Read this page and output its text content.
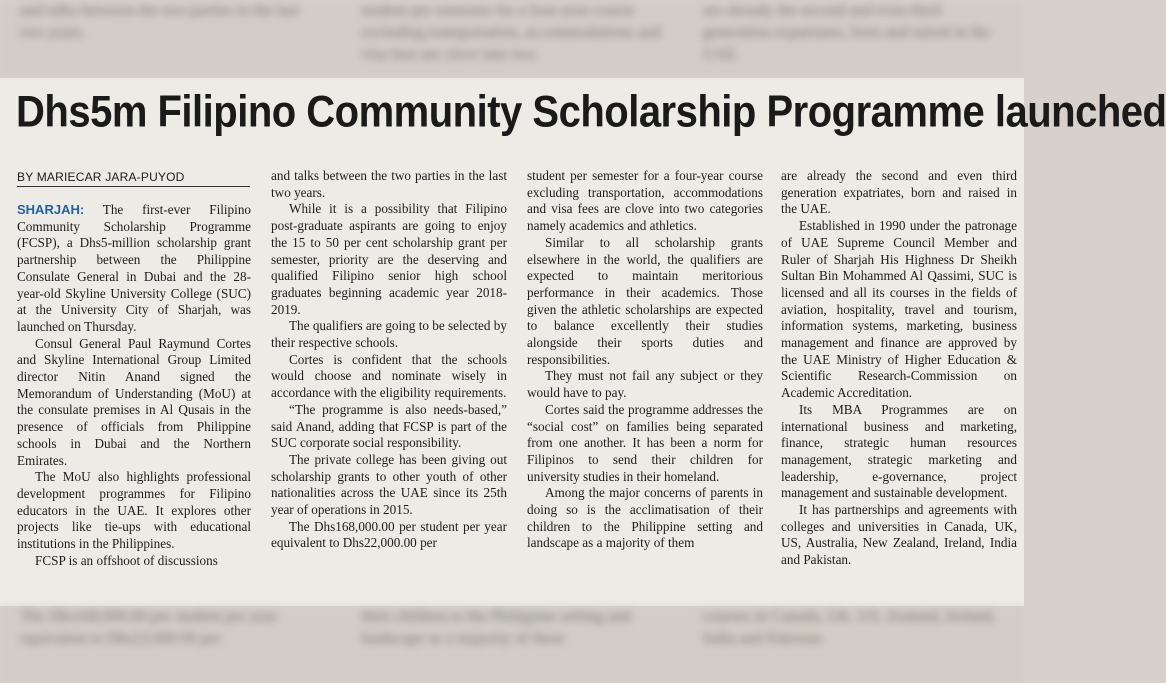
and talks between the two parties in the last two years.
student per semester for a four-year course excluding transportation, accommodations and visa fees are clove into two
are already the second and even third generation expatriates, born and raised in the UAE.
Dhs5m Filipino Community Scholarship Programme launched
BY MARIECAR JARA-PUYOD

SHARJAH: The first-ever Filipino Community Scholarship Programme (FCSP), a Dhs5-million scholarship grant partnership between the Philippine Consulate General in Dubai and the 28-year-old Skyline University College (SUC) at the University City of Sharjah, was launched on Thursday.

Consul General Paul Raymund Cortes and Skyline International Group Limited director Nitin Anand signed the Memorandum of Understanding (MoU) at the consulate premises in Al Qusais in the presence of officials from Philippine schools in Dubai and the Northern Emirates.

The MoU also highlights professional development programmes for Filipino educators in the UAE. It explores other projects like tie-ups with educational institutions in the Philippines.

FCSP is an offshoot of discussions

and talks between the two parties in the last two years.

While it is a possibility that Filipino post-graduate aspirants are going to enjoy the 15 to 50 per cent scholarship grant per semester, priority are the deserving and qualified Filipino senior high school graduates beginning academic year 2018-2019.

The qualifiers are going to be selected by their respective schools.

Cortes is confident that the schools would choose and nominate wisely in accordance with the eligibility requirements.

“The programme is also needs-based,” said Anand, adding that FCSP is part of the SUC corporate social responsibility.

The private college has been giving out scholarship grants to other youth of other nationalities across the UAE since its 25th year of operations in 2015.

The Dhs168,000.00 per student per year equivalent to Dhs22,000.00 per

student per semester for a four-year course excluding transportation, accommodations and visa fees are clove into two categories namely academics and athletics.

Similar to all scholarship grants elsewhere in the world, the qualifiers are expected to maintain meritorious performance in their academics. Those given the athletic scholarships are expected to balance excellently their studies alongside their sports duties and responsibilities.

They must not fail any subject or they would have to pay.

Cortes said the programme addresses the “social cost” on families being separated from one another. It has been a norm for Filipinos to send their children for university studies in their homeland.

Among the major concerns of parents in doing so is the acclimatisation of their children to the Philippine setting and landscape as a majority of them

are already the second and even third generation expatriates, born and raised in the UAE.

Established in 1990 under the patronage of UAE Supreme Council Member and Ruler of Sharjah His Highness Dr Sheikh Sultan Bin Mohammed Al Qassimi, SUC is licensed and all its courses in the fields of aviation, hospitality, travel and tourism, information systems, marketing, business management and finance are approved by the UAE Ministry of Higher Education & Scientific Research-Commission on Academic Accreditation.

Its MBA Programmes are on international business and marketing, finance, strategic human resources management, strategic marketing and leadership, e-governance, project management and sustainable development.

It has partnerships and agreements with colleges and universities in Canada, UK, US, Australia, New Zealand, Ireland, India and Pakistan.

The Dhs168,000.00 per student per year equivalent to Dhs22,000.00 per
their children to the Philippine setting and landscape as a majority of them
courses in Canada, UK, US, Zealand, Ireland, India and Pakistan.
